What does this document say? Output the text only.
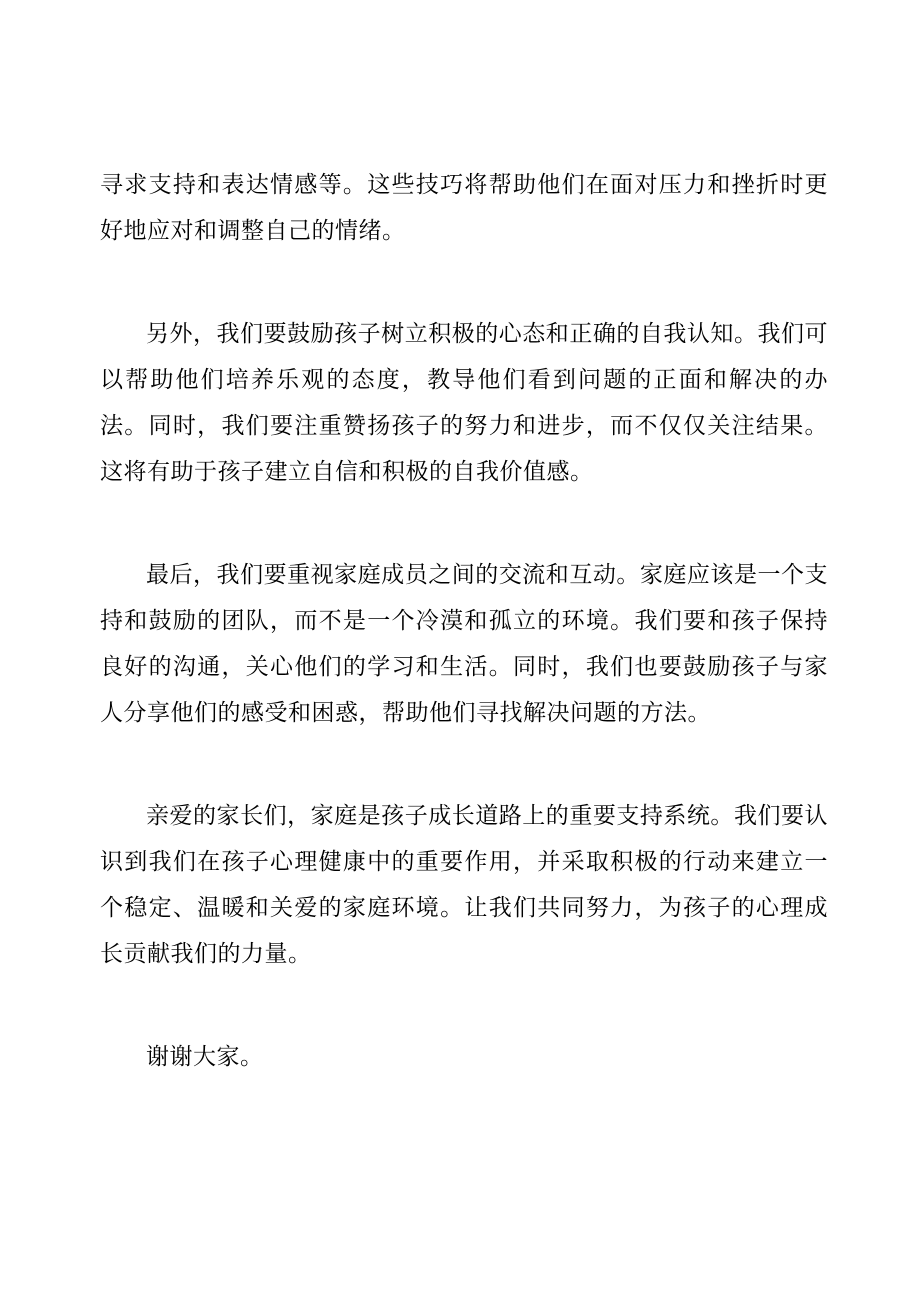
寻求支持和表达情感等。这些技巧将帮助他们在面对压力和挫折时更好地应对和调整自己的情绪。

另外，我们要鼓励孩子树立积极的心态和正确的自我认知。我们可以帮助他们培养乐观的态度，教导他们看到问题的正面和解决的办法。同时，我们要注重赞扬孩子的努力和进步，而不仅仅关注结果。这将有助于孩子建立自信和积极的自我价值感。

最后，我们要重视家庭成员之间的交流和互动。家庭应该是一个支持和鼓励的团队，而不是一个冷漠和孤立的环境。我们要和孩子保持良好的沟通，关心他们的学习和生活。同时，我们也要鼓励孩子与家人分享他们的感受和困惑，帮助他们寻找解决问题的方法。

亲爱的家长们，家庭是孩子成长道路上的重要支持系统。我们要认识到我们在孩子心理健康中的重要作用，并采取积极的行动来建立一个稳定、温暖和关爱的家庭环境。让我们共同努力，为孩子的心理成长贡献我们的力量。

谢谢大家。
